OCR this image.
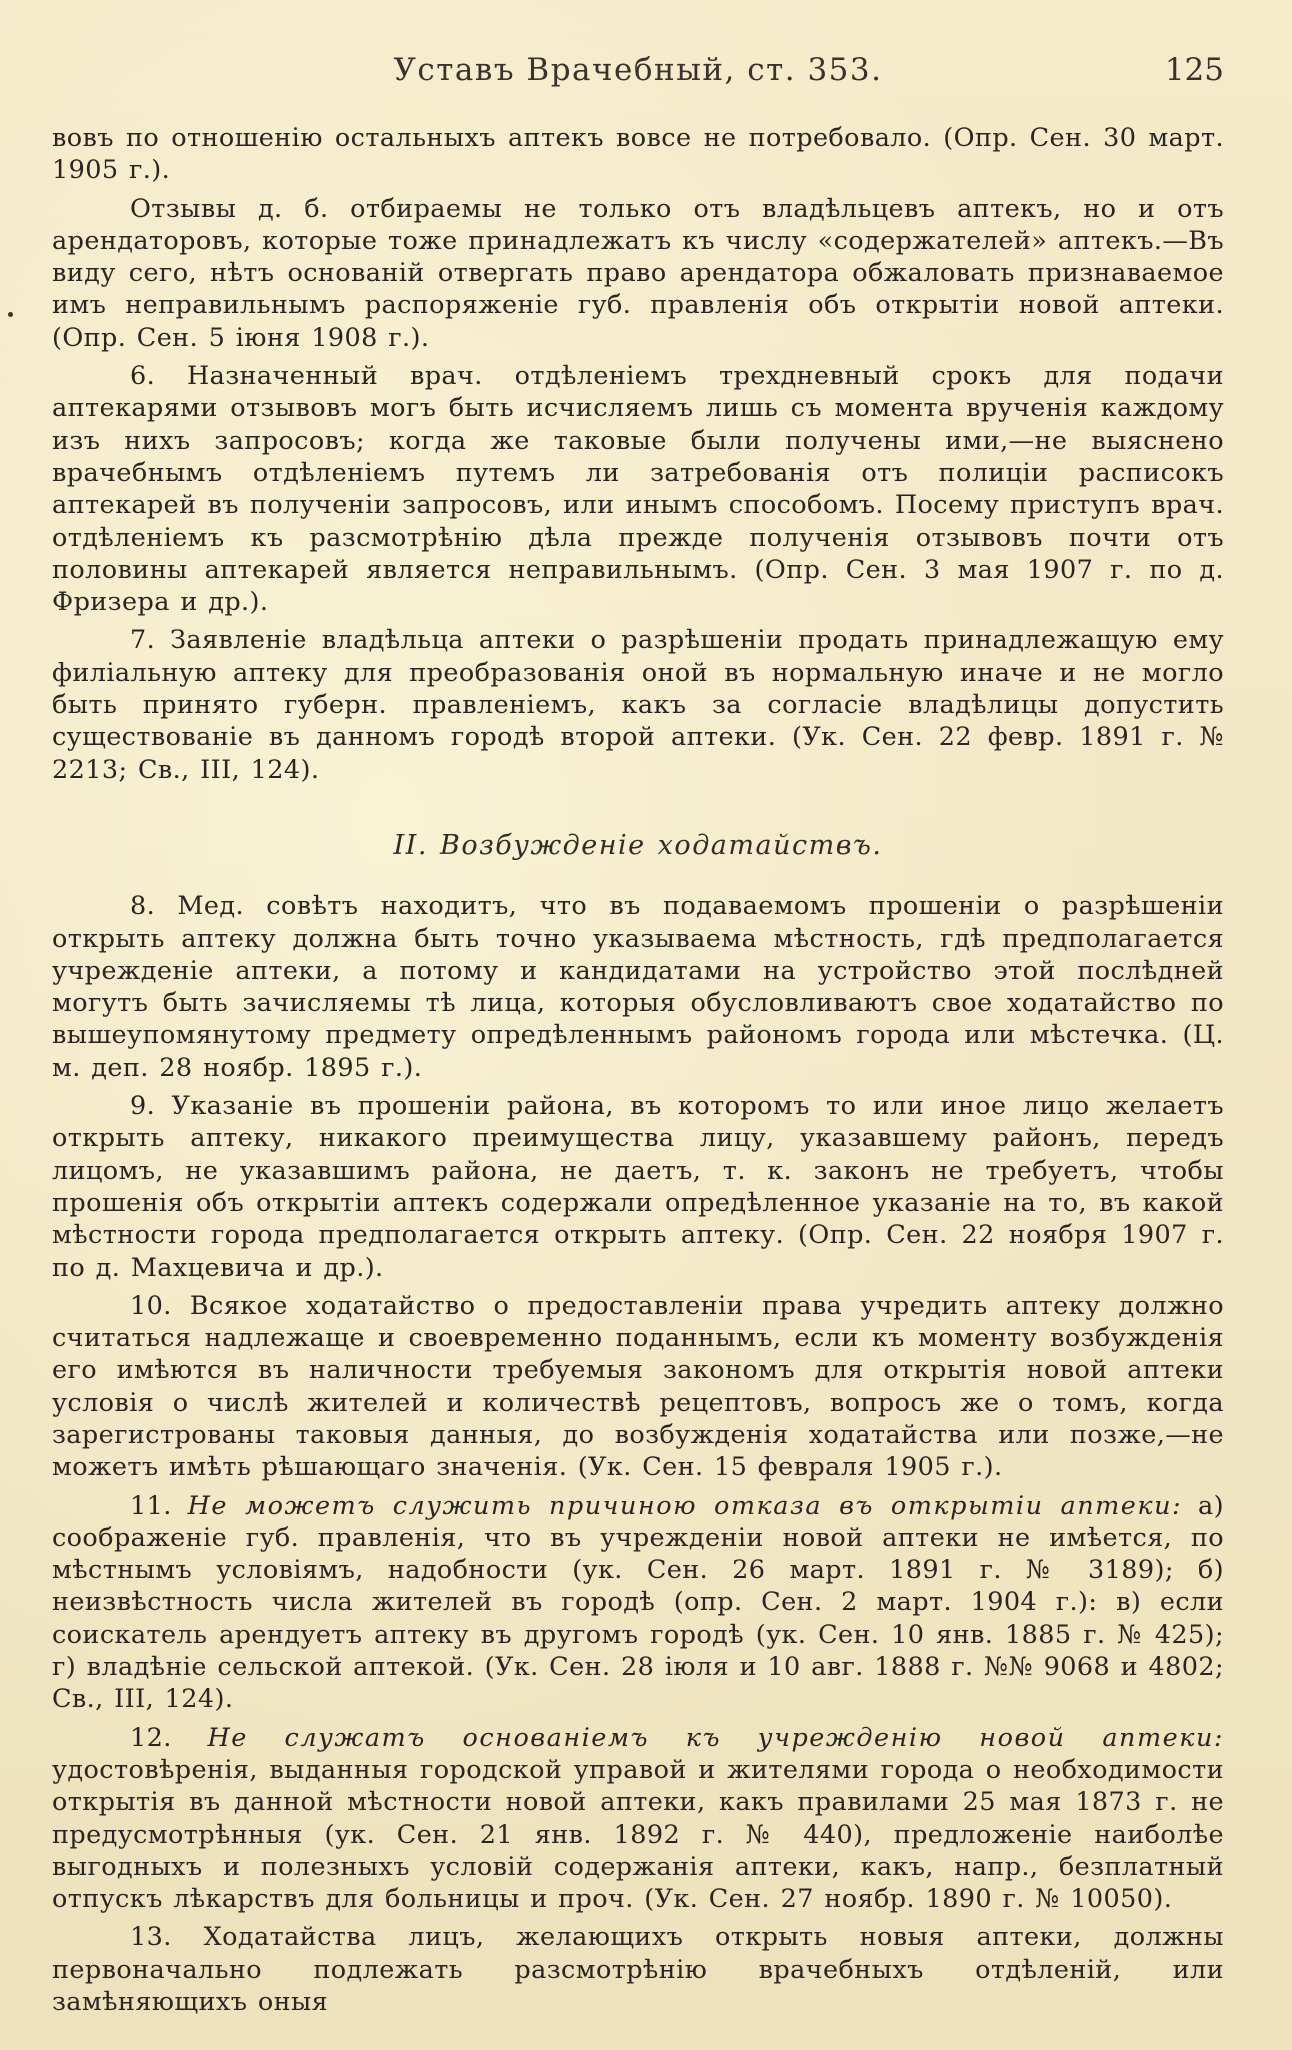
Уставъ Врачебный, ст. 353.	125

вовъ по отношенію остальныхъ аптекъ вовсе не потребовало. (Опр. Сен. 30 март. 1905 г.).

Отзывы д. б. отбираемы не только отъ владѣльцевъ аптекъ, но и отъ арендаторовъ, которые тоже принадлежатъ къ числу «содержателей» аптекъ.—Въ виду сего, нѣтъ основаній отвергать право арендатора обжаловать признаваемое имъ неправильнымъ распоряженіе губ. правленія объ открытіи новой аптеки. (Опр. Сен. 5 іюня 1908 г.).

6. Назначенный врач. отдѣленіемъ трехдневный срокъ для подачи аптекарями отзывовъ могъ быть исчисляемъ лишь съ момента врученія каждому изъ нихъ запросовъ; когда же таковые были получены ими,—не выяснено врачебнымъ отдѣленіемъ путемъ ли затребованія отъ полиціи расписокъ аптекарей въ полученіи запросовъ, или инымъ способомъ. Посему приступъ врач. отдѣленіемъ къ разсмотрѣнію дѣла прежде полученія отзывовъ почти отъ половины аптекарей является неправильнымъ. (Опр. Сен. 3 мая 1907 г. по д. Фризера и др.).

7. Заявленіе владѣльца аптеки о разрѣшеніи продать принадлежащую ему филіальную аптеку для преобразованія оной въ нормальную иначе и не могло быть принято губерн. правленіемъ, какъ за согласіе владѣлицы допустить существованіе въ данномъ городѣ второй аптеки. (Ук. Сен. 22 февр. 1891 г. № 2213; Св., III, 124).

II. Возбужденіе ходатайствъ.

8. Мед. совѣтъ находитъ, что въ подаваемомъ прошеніи о разрѣшеніи открыть аптеку должна быть точно указываема мѣстность, гдѣ предполагается учрежденіе аптеки, а потому и кандидатами на устройство этой послѣдней могутъ быть зачисляемы тѣ лица, которыя обусловливаютъ свое ходатайство по вышеупомянутому предмету опредѣленнымъ райономъ города или мѣстечка. (Ц. м. деп. 28 ноябр. 1895 г.).

9. Указаніе въ прошеніи района, въ которомъ то или иное лицо желаетъ открыть аптеку, никакого преимущества лицу, указавшему районъ, передъ лицомъ, не указавшимъ района, не даетъ, т. к. законъ не требуетъ, чтобы прошенія объ открытіи аптекъ содержали опредѣленное указаніе на то, въ какой мѣстности города предполагается открыть аптеку. (Опр. Сен. 22 ноября 1907 г. по д. Махцевича и др.).

10. Всякое ходатайство о предоставленіи права учредить аптеку должно считаться надлежаще и своевременно поданнымъ, если къ моменту возбужденія его имѣются въ наличности требуемыя закономъ для открытія новой аптеки условія о числѣ жителей и количествѣ рецептовъ, вопросъ же о томъ, когда зарегистрованы таковыя данныя, до возбужденія ходатайства или позже,—не можетъ имѣть рѣшающаго значенія. (Ук. Сен. 15 февраля 1905 г.).

11. Не можетъ служить причиною отказа въ открытіи аптеки: а) соображеніе губ. правленія, что въ учрежденіи новой аптеки не имѣется, по мѣстнымъ условіямъ, надобности (ук. Сен. 26 март. 1891 г. № 3189); б) неизвѣстность числа жителей въ городѣ (опр. Сен. 2 март. 1904 г.): в) если соискатель арендуетъ аптеку въ другомъ городѣ (ук. Сен. 10 янв. 1885 г. № 425); г) владѣніе сельской аптекой. (Ук. Сен. 28 іюля и 10 авг. 1888 г. №№ 9068 и 4802; Св., III, 124).

12. Не служатъ основаніемъ къ учрежденію новой аптеки: удостовѣренія, выданныя городской управой и жителями города о необходимости открытія въ данной мѣстности новой аптеки, какъ правилами 25 мая 1873 г. не предусмотрѣнныя (ук. Сен. 21 янв. 1892 г. № 440), предложеніе наиболѣе выгодныхъ и полезныхъ условій содержанія аптеки, какъ, напр., безплатный отпускъ лѣкарствъ для больницы и проч. (Ук. Сен. 27 ноябр. 1890 г. № 10050).

13. Ходатайства лицъ, желающихъ открыть новыя аптеки, должны первоначально подлежать разсмотрѣнію врачебныхъ отдѣленій, или замѣняющихъ оныя
